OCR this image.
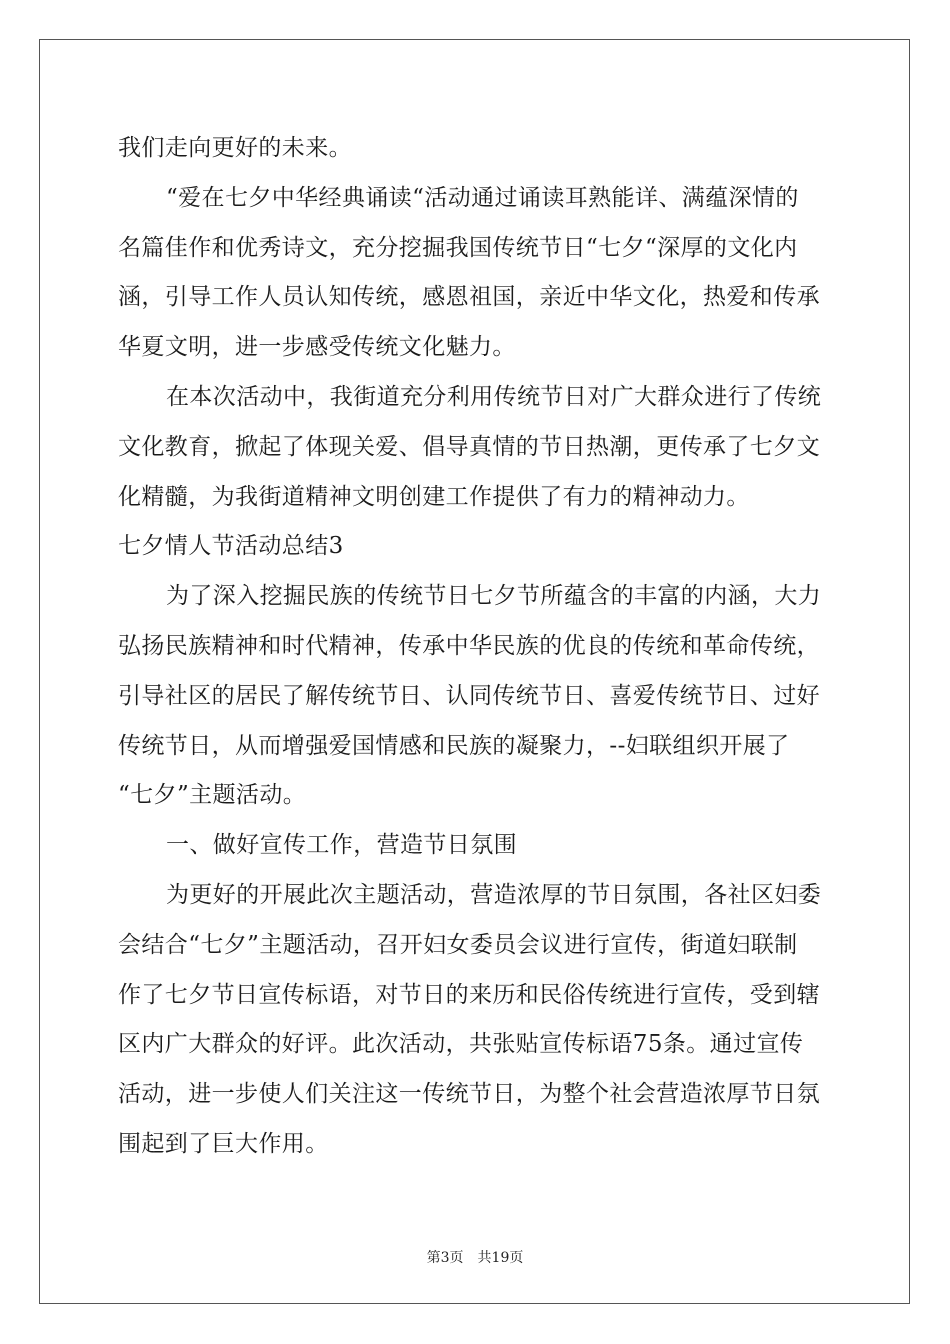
我们走向更好的未来。
“爱在七夕中华经典诵读“活动通过诵读耳熟能详、满蕴深情的
名篇佳作和优秀诗文，充分挖掘我国传统节日“七夕“深厚的文化内
涵，引导工作人员认知传统，感恩祖国，亲近中华文化，热爱和传承
华夏文明，进一步感受传统文化魅力。
在本次活动中，我街道充分利用传统节日对广大群众进行了传统
文化教育，掀起了体现关爱、倡导真情的节日热潮，更传承了七夕文
化精髓，为我街道精神文明创建工作提供了有力的精神动力。
七夕情人节活动总结3
为了深入挖掘民族的传统节日七夕节所蕴含的丰富的内涵，大力
弘扬民族精神和时代精神，传承中华民族的优良的传统和革命传统，
引导社区的居民了解传统节日、认同传统节日、喜爱传统节日、过好
传统节日，从而增强爱国情感和民族的凝聚力，--妇联组织开展了
“七夕”主题活动。
一、做好宣传工作，营造节日氛围
为更好的开展此次主题活动，营造浓厚的节日氛围，各社区妇委
会结合“七夕”主题活动，召开妇女委员会议进行宣传，街道妇联制
作了七夕节日宣传标语，对节日的来历和民俗传统进行宣传，受到辖
区内广大群众的好评。此次活动，共张贴宣传标语75条。通过宣传
活动，进一步使人们关注这一传统节日，为整个社会营造浓厚节日氛
围起到了巨大作用。
第3页 共19页
